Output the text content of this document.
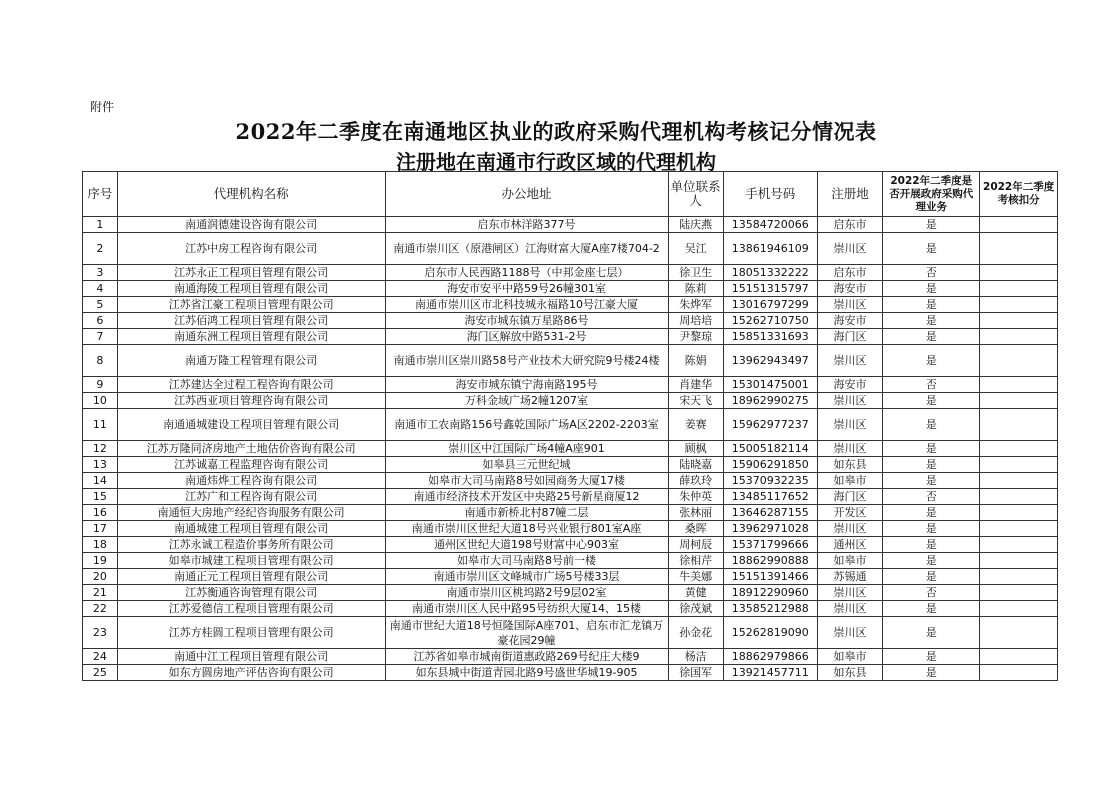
附件
2022年二季度在南通地区执业的政府采购代理机构考核记分情况表
注册地在南通市行政区域的代理机构
序号	代理机构名称	办公地址	单位联系人	手机号码	注册地	2022年二季度是否开展政府采购代理业务	2022年二季度考核扣分
1	南通润德建设咨询有限公司	启东市林洋路377号	陆庆燕	13584720066	启东市	是	
2	江苏中房工程咨询有限公司	南通市崇川区（原港闸区）江海财富大厦A座7楼704-2	吴江	13861946109	崇川区	是	
3	江苏永正工程项目管理有限公司	启东市人民西路1188号（中邦金座七层）	徐卫生	18051332222	启东市	否	
4	南通海陵工程项目管理有限公司	海安市安平中路59号26幢301室	陈莉	15151315797	海安市	是	
5	江苏省江豪工程项目管理有限公司	南通市崇川区市北科技城永福路10号江豪大厦	朱烨军	13016797299	崇川区	是	
6	江苏佰鸿工程项目管理有限公司	海安市城东镇万星路86号	周培培	15262710750	海安市	是	
7	南通东洲工程项目管理有限公司	海门区解放中路531-2号	尹黎琼	15851331693	海门区	是	
8	南通万隆工程管理有限公司	南通市崇川区崇川路58号产业技术大研究院9号楼24楼	陈娟	13962943497	崇川区	是	
9	江苏建达全过程工程咨询有限公司	海安市城东镇宁海南路195号	肖建华	15301475001	海安市	否	
10	江苏西亚项目管理咨询有限公司	万科金域广场2幢1207室	宋天飞	18962990275	崇川区	是	
11	南通通城建设工程项目管理有限公司	南通市工农南路156号鑫乾国际广场A区2202-2203室	姜赛	15962977237	崇川区	是	
12	江苏万隆同济房地产土地估价咨询有限公司	崇川区中江国际广场4幢A座901	顾枫	15005182114	崇川区	是	
13	江苏诚嘉工程监理咨询有限公司	如皋县三元世纪城	陆晓嘉	15906291850	如东县	是	
14	南通炜烨工程咨询有限公司	如皋市大司马南路8号如园商务大厦17楼	薛玖玲	15370932235	如皋市	是	
15	江苏广和工程咨询有限公司	南通市经济技术开发区中央路25号新星商厦12	朱仲英	13485117652	海门区	否	
16	南通恒大房地产经纪咨询服务有限公司	南通市新桥北村87幢二层	张林丽	13646287155	开发区	是	
17	南通城建工程项目管理有限公司	南通市崇川区世纪大道18号兴业银行801室A座	桑晖	13962971028	崇川区	是	
18	江苏永诚工程造价事务所有限公司	通州区世纪大道198号财富中心903室	周柯辰	15371799666	通州区	是	
19	如皋市城建工程项目管理有限公司	如皋市大司马南路8号前一楼	徐相芹	18862990888	如皋市	是	
20	南通正元工程项目管理有限公司	南通市崇川区文峰城市广场5号楼33层	牛美娜	15151391466	苏锡通	是	
21	江苏衡通咨询管理有限公司	南通市崇川区桃坞路2号9层02室	黄健	18912290960	崇川区	否	
22	江苏爱德信工程项目管理有限公司	南通市崇川区人民中路95号纺织大厦14、15楼	徐茂斌	13585212988	崇川区	是	
23	江苏方桂圆工程项目管理有限公司	南通市世纪大道18号恒隆国际A座701、启东市汇龙镇万豪花园29幢	孙金花	15262819090	崇川区	是	
24	南通中江工程项目管理有限公司	江苏省如皋市城南街道惠政路269号纪庄大楼9	杨洁	18862979866	如皋市	是	
25	如东方圆房地产评估咨询有限公司	如东县城中街道青园北路9号盛世华城19-905	徐国军	13921457711	如东县	是	
